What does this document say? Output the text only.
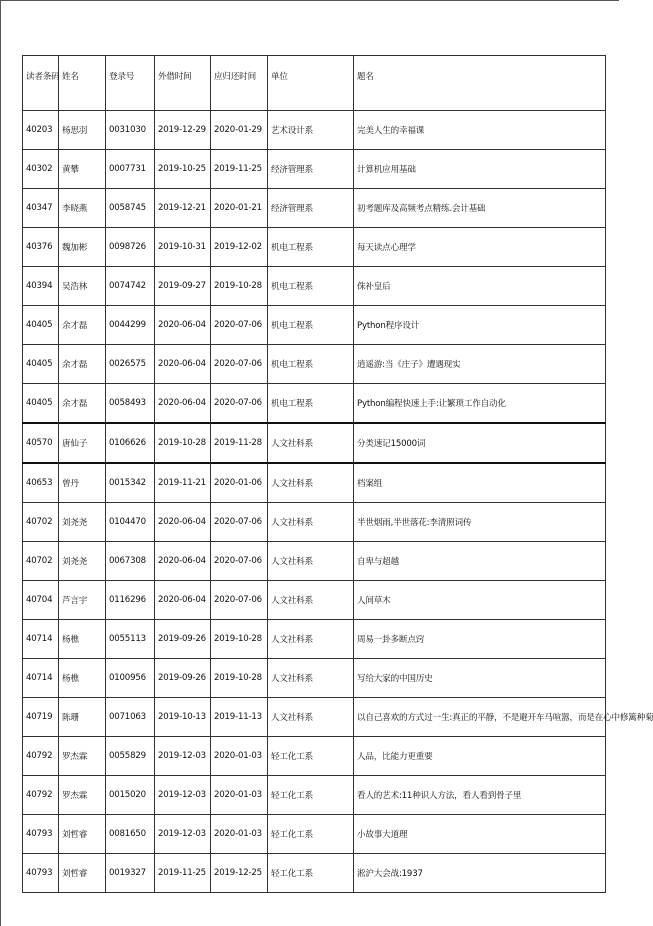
读者条码	姓名	登录号	外借时间	应归还时间	单位	题名
40203	杨思羽	0031030	2019-12-29	2020-01-29	艺术设计系	完美人生的幸福课
40302	黄攀	0007731	2019-10-25	2019-11-25	经济管理系	计算机应用基础
40347	李晓燕	0058745	2019-12-21	2020-01-21	经济管理系	初考题库及高频考点精练.会计基础
40376	魏加彬	0098726	2019-10-31	2019-12-02	机电工程系	每天读点心理学
40394	吴浩林	0074742	2019-09-27	2019-10-28	机电工程系	侏补皇后
40405	余才磊	0044299	2020-06-04	2020-07-06	机电工程系	Python程序设计
40405	余才磊	0026575	2020-06-04	2020-07-06	机电工程系	逍遥游:当《庄子》遭遇现实
40405	余才磊	0058493	2020-06-04	2020-07-06	机电工程系	Python编程快速上手:让繁琐工作自动化
40570	唐仙子	0106626	2019-10-28	2019-11-28	人文社科系	分类速记15000词
40653	曾丹	0015342	2019-11-21	2020-01-06	人文社科系	档案组
40702	刘尧尧	0104470	2020-06-04	2020-07-06	人文社科系	半世烟雨,半世落花:李清照词传
40702	刘尧尧	0067308	2020-06-04	2020-07-06	人文社科系	自卑与超越
40704	芦言宇	0116296	2020-06-04	2020-07-06	人文社科系	人间草木
40714	杨樵	0055113	2019-09-26	2019-10-28	人文社科系	周易一卦多断点窍
40714	杨樵	0100956	2019-09-26	2019-10-28	人文社科系	写给大家的中国历史
40719	陈珊	0071063	2019-10-13	2019-11-13	人文社科系	以自己喜欢的方式过一生:真正的平静，不是避开车马喧嚣，而是在心中修篱种菊
40792	罗杰霖	0055829	2019-12-03	2020-01-03	轻工化工系	人品，比能力更重要
40792	罗杰霖	0015020	2019-12-03	2020-01-03	轻工化工系	看人的艺术:11种识人方法，看人看到骨子里
40793	刘哲睿	0081650	2019-12-03	2020-01-03	轻工化工系	小故事大道理
40793	刘哲睿	0019327	2019-11-25	2019-12-25	轻工化工系	淞沪大会战:1937
